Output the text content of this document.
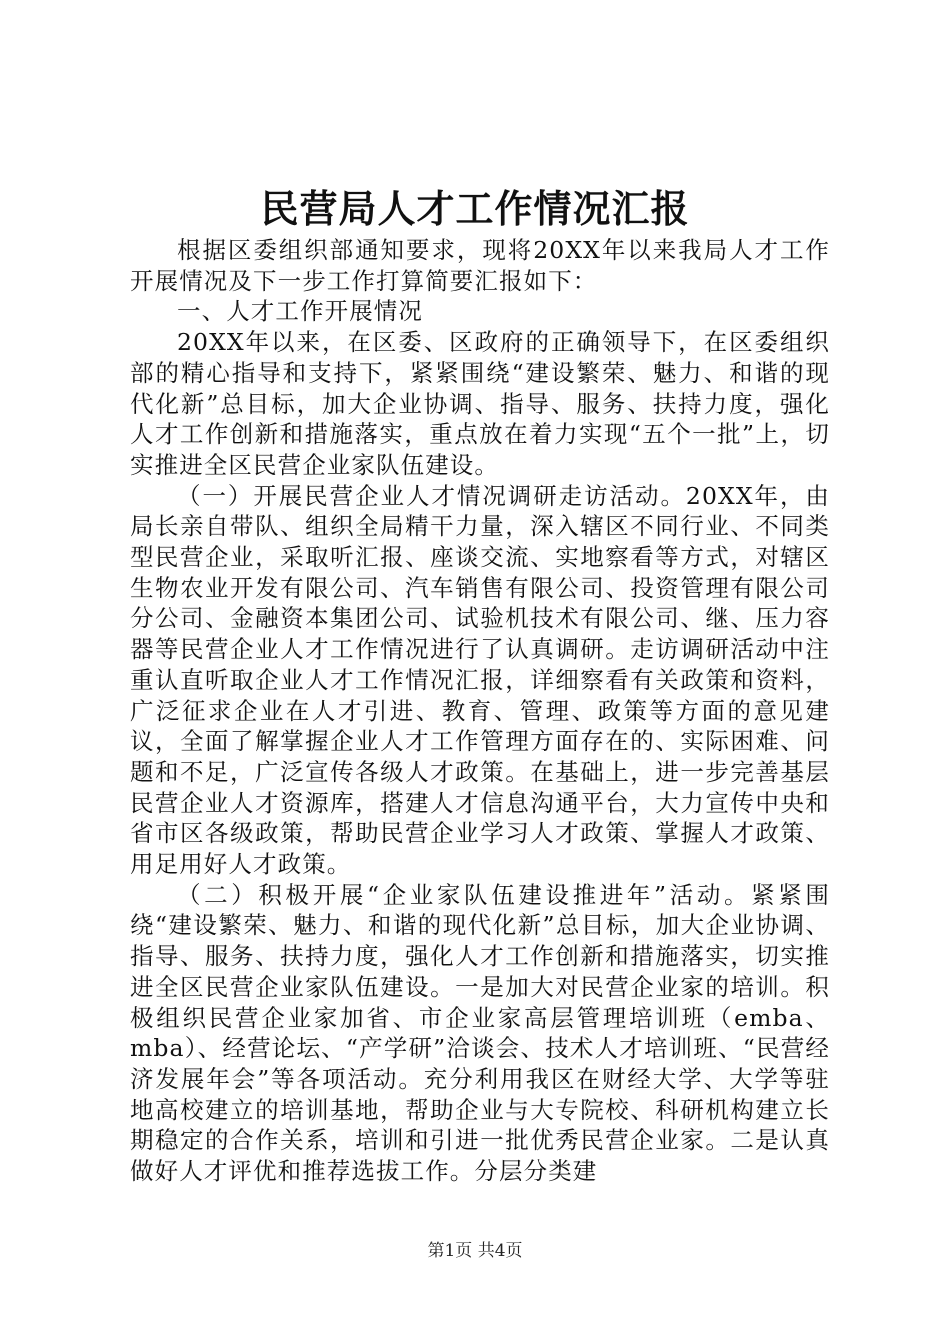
民营局人才工作情况汇报

根据区委组织部通知要求，现将20XX年以来我局人才工作开展情况及下一步工作打算简要汇报如下：

一、人才工作开展情况

20XX年以来，在区委、区政府的正确领导下，在区委组织部的精心指导和支持下，紧紧围绕“建设繁荣、魅力、和谐的现代化新”总目标，加大企业协调、指导、服务、扶持力度，强化人才工作创新和措施落实，重点放在着力实现“五个一批”上，切实推进全区民营企业家队伍建设。

（一）开展民营企业人才情况调研走访活动。20XX年，由局长亲自带队、组织全局精干力量，深入辖区不同行业、不同类型民营企业，采取听汇报、座谈交流、实地察看等方式，对辖区生物农业开发有限公司、汽车销售有限公司、投资管理有限公司分公司、金融资本集团公司、试验机技术有限公司、继、压力容器等民营企业人才工作情况进行了认真调研。走访调研活动中注重认直听取企业人才工作情况汇报，详细察看有关政策和资料，广泛征求企业在人才引进、教育、管理、政策等方面的意见建议，全面了解掌握企业人才工作管理方面存在的、实际困难、问题和不足，广泛宣传各级人才政策。在基础上，进一步完善基层民营企业人才资源库，搭建人才信息沟通平台，大力宣传中央和省市区各级政策，帮助民营企业学习人才政策、掌握人才政策、用足用好人才政策。

（二）积极开展“企业家队伍建设推进年”活动。紧紧围绕“建设繁荣、魅力、和谐的现代化新”总目标，加大企业协调、指导、服务、扶持力度，强化人才工作创新和措施落实，切实推进全区民营企业家队伍建设。一是加大对民营企业家的培训。积极组织民营企业家加省、市企业家高层管理培训班（emba、mba）、经营论坛、“产学研”洽谈会、技术人才培训班、“民营经济发展年会”等各项活动。充分利用我区在财经大学、大学等驻地高校建立的培训基地，帮助企业与大专院校、科研机构建立长期稳定的合作关系，培训和引进一批优秀民营企业家。二是认真做好人才评优和推荐选拔工作。分层分类建

第1页 共4页
